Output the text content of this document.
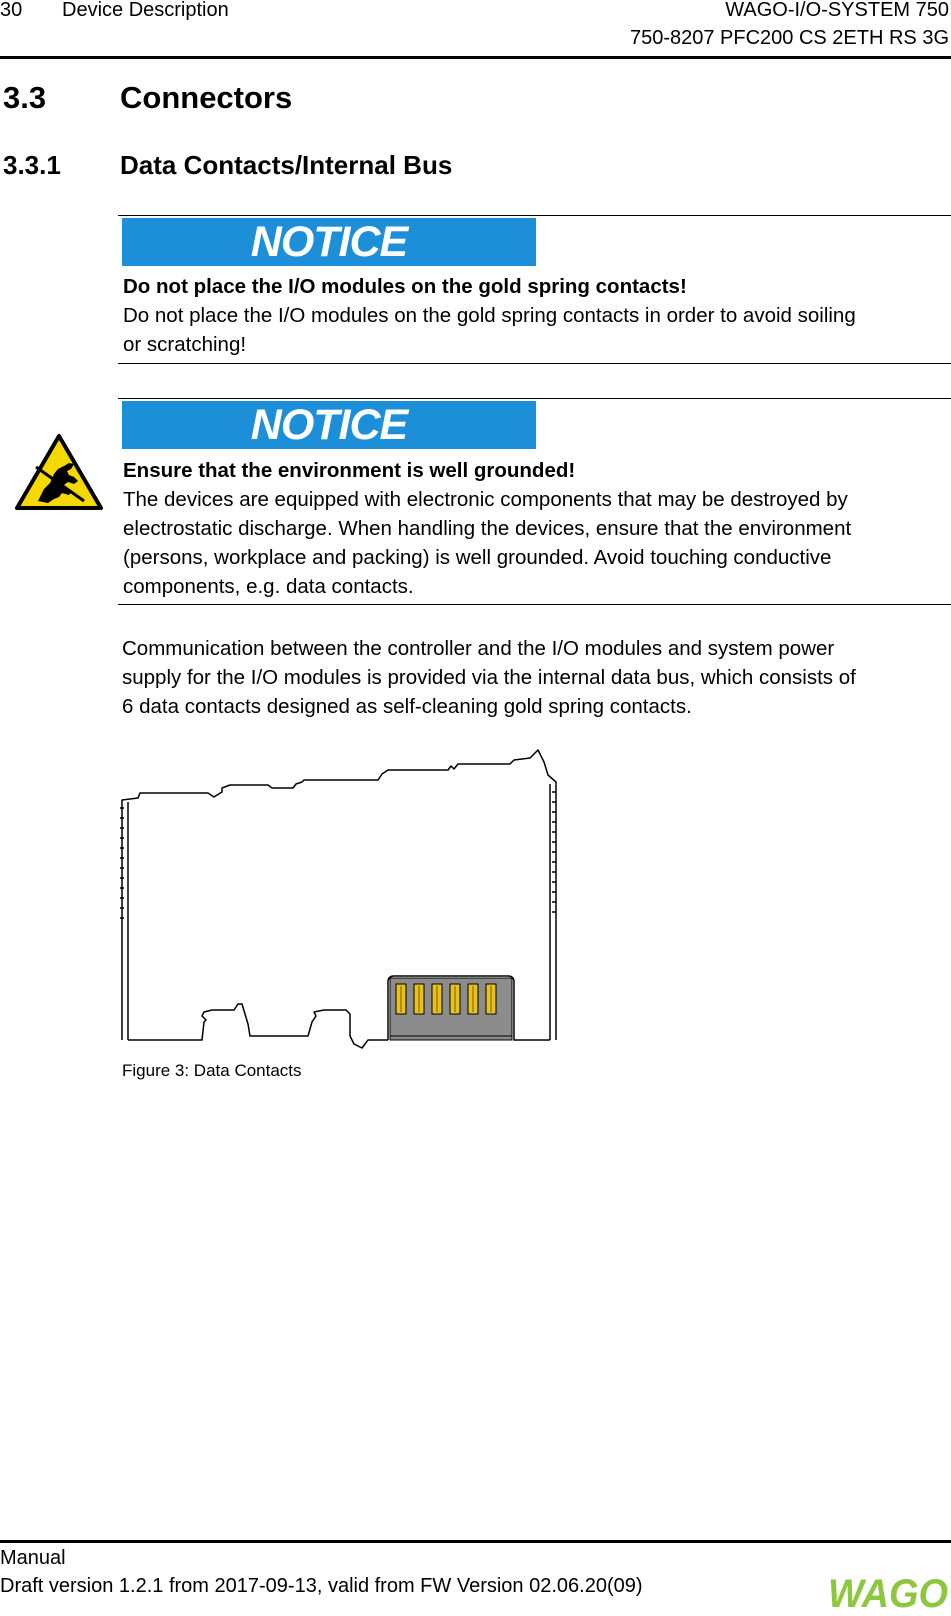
30 Device Description	WAGO-I/O-SYSTEM 750
750-8207 PFC200 CS 2ETH RS 3G
3.3 Connectors
3.3.1 Data Contacts/Internal Bus
NOTICE
Do not place the I/O modules on the gold spring contacts!
Do not place the I/O modules on the gold spring contacts in order to avoid soiling
or scratching!
NOTICE
Ensure that the environment is well grounded!
The devices are equipped with electronic components that may be destroyed by
electrostatic discharge. When handling the devices, ensure that the environment
(persons, workplace and packing) is well grounded. Avoid touching conductive
components, e.g. data contacts.
Communication between the controller and the I/O modules and system power
supply for the I/O modules is provided via the internal data bus, which consists of
6 data contacts designed as self-cleaning gold spring contacts.
Figure 3: Data Contacts
Manual
Draft version 1.2.1 from 2017-09-13, valid from FW Version 02.06.20(09)	WAGO
